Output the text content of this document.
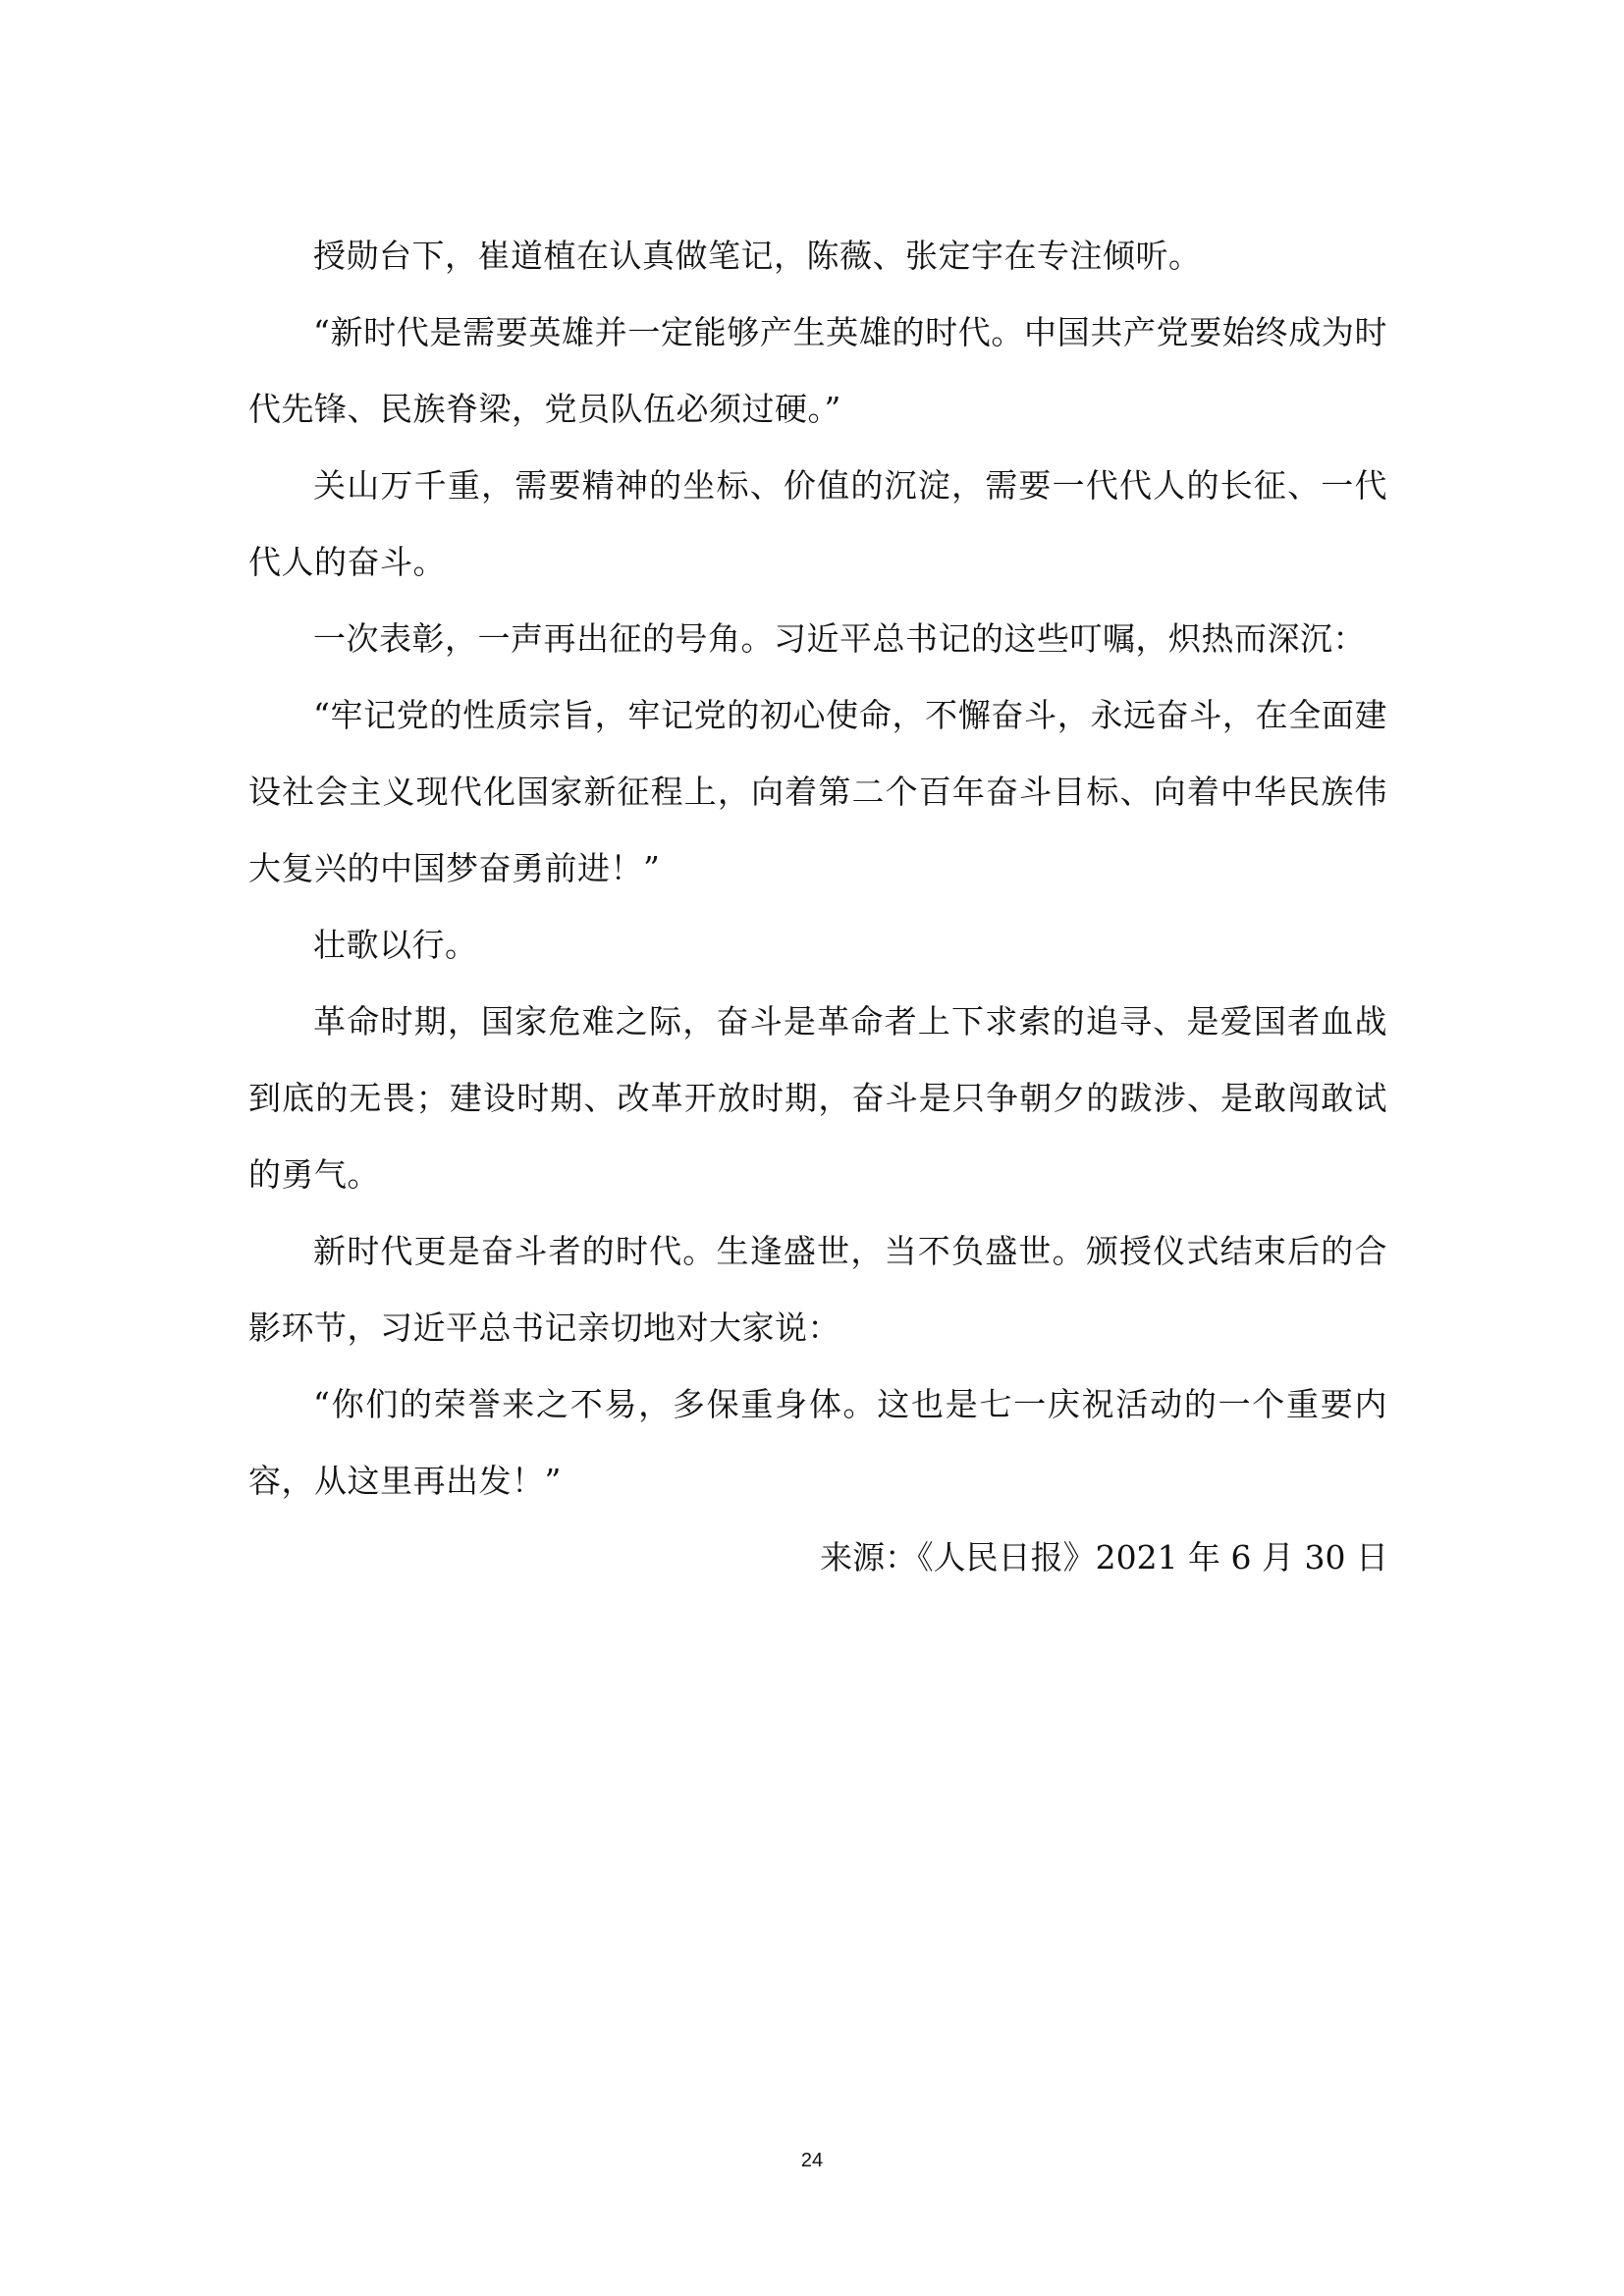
授勋台下，崔道植在认真做笔记，陈薇、张定宇在专注倾听。

“新时代是需要英雄并一定能够产生英雄的时代。中国共产党要始终成为时代先锋、民族脊梁，党员队伍必须过硬。”

关山万千重，需要精神的坐标、价值的沉淀，需要一代代人的长征、一代代人的奋斗。

一次表彰，一声再出征的号角。习近平总书记的这些叮嘱，炽热而深沉：

“牢记党的性质宗旨，牢记党的初心使命，不懈奋斗，永远奋斗，在全面建设社会主义现代化国家新征程上，向着第二个百年奋斗目标、向着中华民族伟大复兴的中国梦奋勇前进！”

壮歌以行。

革命时期，国家危难之际，奋斗是革命者上下求索的追寻、是爱国者血战到底的无畏；建设时期、改革开放时期，奋斗是只争朝夕的跋涉、是敢闯敢试的勇气。

新时代更是奋斗者的时代。生逢盛世，当不负盛世。颁授仪式结束后的合影环节，习近平总书记亲切地对大家说：

“你们的荣誉来之不易，多保重身体。这也是七一庆祝活动的一个重要内容，从这里再出发！”

来源：《人民日报》2021 年 6 月 30 日

24
